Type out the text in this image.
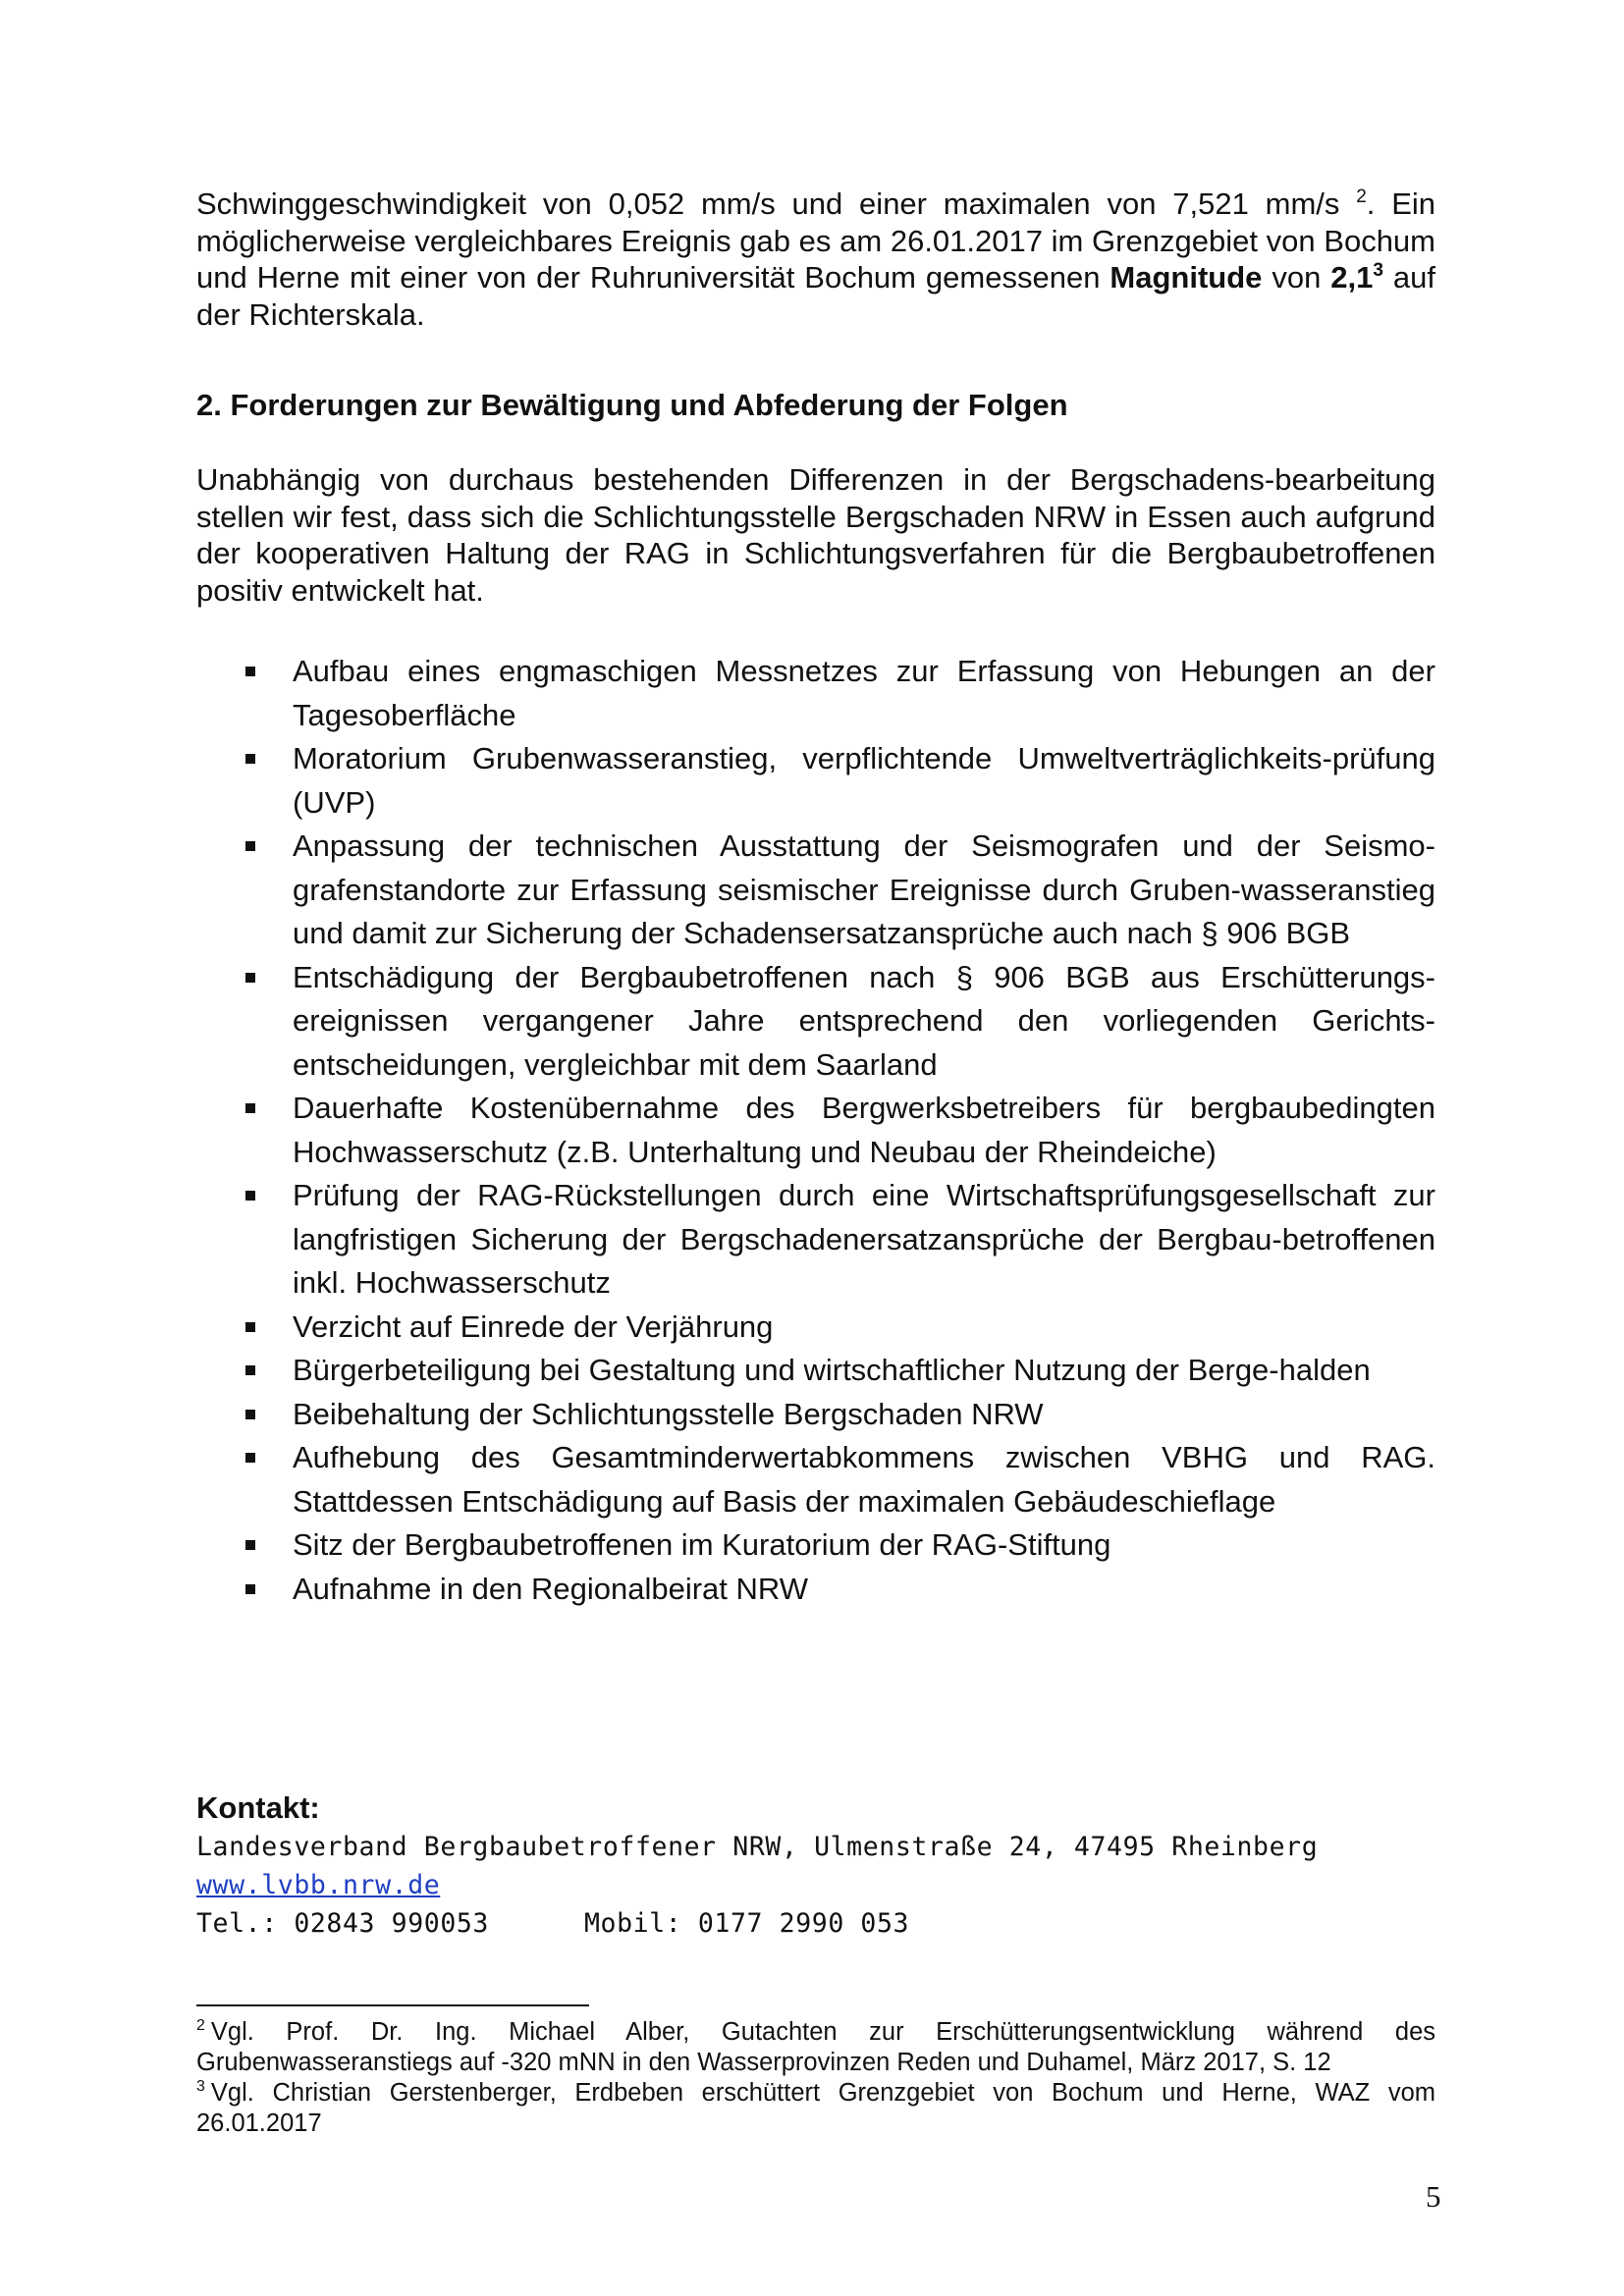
Schwinggeschwindigkeit von 0,052 mm/s und einer maximalen von 7,521 mm/s $^2$. Ein möglicherweise vergleichbares Ereignis gab es am 26.01.2017 im Grenzgebiet von Bochum und Herne mit einer von der Ruhruniversität Bochum gemessenen Magnitude von $2,1^3$ auf der Richterskala.
2. Forderungen zur Bewältigung und Abfederung der Folgen
Unabhängig von durchaus bestehenden Differenzen in der Bergschadens-bearbeitung stellen wir fest, dass sich die Schlichtungsstelle Bergschaden NRW in Essen auch aufgrund der kooperativen Haltung der RAG in Schlichtungsverfahren für die Bergbaubetroffenen positiv entwickelt hat.
Aufbau eines engmaschigen Messnetzes zur Erfassung von Hebungen an der Tagesoberfläche
Moratorium Grubenwasseranstieg, verpflichtende Umweltverträglichkeits-prüfung (UVP)
Anpassung der technischen Ausstattung der Seismografen und der Seismo-grafenstandorte zur Erfassung seismischer Ereignisse durch Gruben-wasseranstieg und damit zur Sicherung der Schadensersatzansprüche auch nach § 906 BGB
Entschädigung der Bergbaubetroffenen nach § 906 BGB aus Erschütterungs-ereignissen vergangener Jahre entsprechend den vorliegenden Gerichts-entscheidungen, vergleichbar mit dem Saarland
Dauerhafte Kostenübernahme des Bergwerksbetreibers für bergbaubedingten Hochwasserschutz (z.B. Unterhaltung und Neubau der Rheindeiche)
Prüfung der RAG-Rückstellungen durch eine Wirtschaftsprüfungsgesellschaft zur langfristigen Sicherung der Bergschadenersatzansprüche der Bergbau-betroffenen inkl. Hochwasserschutz
Verzicht auf Einrede der Verjährung
Bürgerbeteiligung bei Gestaltung und wirtschaftlicher Nutzung der Berge-halden
Beibehaltung der Schlichtungsstelle Bergschaden NRW
Aufhebung des Gesamtminderwertabkommens zwischen VBHG und RAG. Stattdessen Entschädigung auf Basis der maximalen Gebäudeschieflage
Sitz der Bergbaubetroffenen im Kuratorium der RAG-Stiftung
Aufnahme in den Regionalbeirat NRW
Kontakt:
Landesverband Bergbaubetroffener NRW, Ulmenstraße 24, 47495 Rheinberg
www.lvbb.nrw.de
Tel.: 02843 990053	Mobil: 0177 2990 053
$^2$ Vgl. Prof. Dr. Ing. Michael Alber, Gutachten zur Erschütterungsentwicklung während des Grubenwasseranstiegs auf -320 mNN in den Wasserprovinzen Reden und Duhamel, März 2017, S. 12
$^3$ Vgl. Christian Gerstenberger, Erdbeben erschüttert Grenzgebiet von Bochum und Herne, WAZ vom 26.01.2017
5
